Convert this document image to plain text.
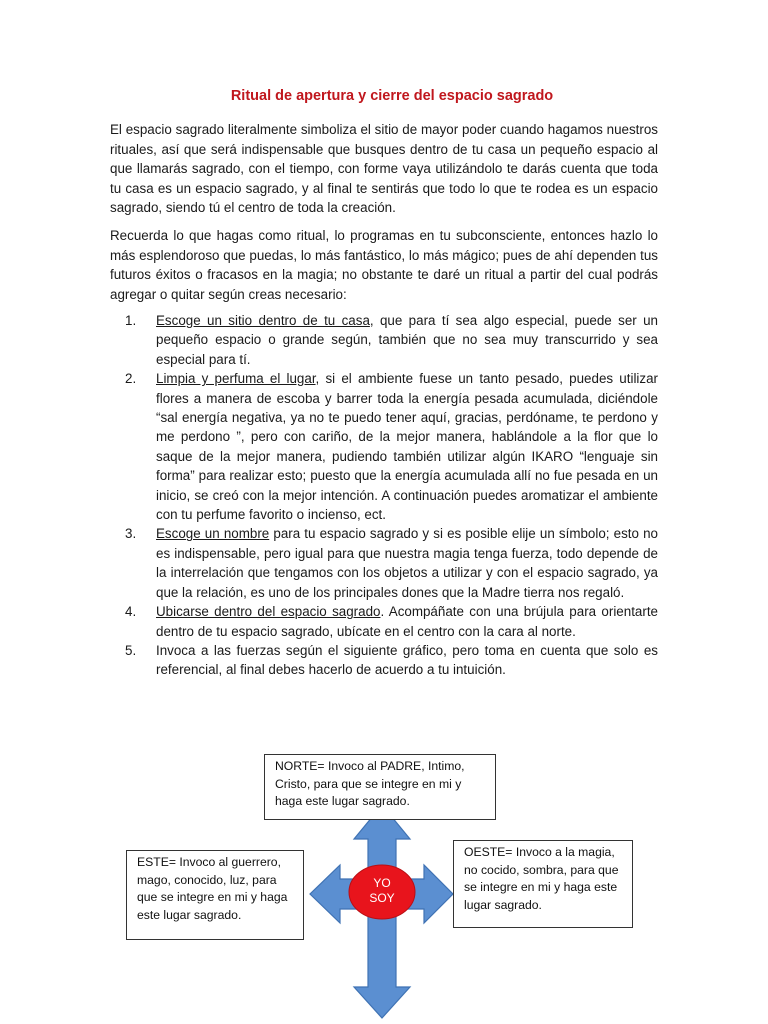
Ritual de apertura y cierre del espacio sagrado

El espacio sagrado literalmente simboliza el sitio de mayor poder cuando hagamos nuestros rituales, así que será indispensable que busques dentro de tu casa un pequeño espacio al que llamarás sagrado, con el tiempo, con forme vaya utilizándolo te darás cuenta que toda tu casa es un espacio sagrado, y al final te sentirás que todo lo que te rodea es un espacio sagrado, siendo tú el centro de toda la creación.

Recuerda lo que hagas como ritual, lo programas en tu subconsciente, entonces hazlo lo más esplendoroso que puedas, lo más fantástico, lo más mágico; pues de ahí dependen tus futuros éxitos o fracasos en la magia; no obstante te daré un ritual a partir del cual podrás agregar o quitar según creas necesario:

1. Escoge un sitio dentro de tu casa, que para tí sea algo especial, puede ser un pequeño espacio o grande según, también que no sea muy transcurrido y sea especial para tí.
2. Limpia y perfuma el lugar, si el ambiente fuese un tanto pesado, puedes utilizar flores a manera de escoba y barrer toda la energía pesada acumulada, diciéndole “sal energía negativa, ya no te puedo tener aquí, gracias, perdóname, te perdono y me perdono ”, pero con cariño, de la mejor manera, hablándole a la flor que lo saque de la mejor manera, pudiendo también utilizar algún IKARO “lenguaje sin forma” para realizar esto; puesto que la energía acumulada allí no fue pesada en un inicio, se creó con la mejor intención. A continuación puedes aromatizar el ambiente con tu perfume favorito o incienso, ect.
3. Escoge un nombre para tu espacio sagrado y si es posible elije un símbolo; esto no es indispensable, pero igual para que nuestra magia tenga fuerza, todo depende de la interrelación que tengamos con los objetos a utilizar y con el espacio sagrado, ya que la relación, es uno de los principales dones que la Madre tierra nos regaló.
4. Ubicarse dentro del espacio sagrado. Acompáñate con una brújula para orientarte dentro de tu espacio sagrado, ubícate en el centro con la cara al norte.
5. Invoca a las fuerzas según el siguiente gráfico, pero toma en cuenta que solo es referencial, al final debes hacerlo de acuerdo a tu intuición.
YO
SOY
NORTE= Invoco al PADRE, Intimo, Cristo, para que se integre en mi y haga este lugar sagrado.
ESTE= Invoco al guerrero, mago, conocido, luz, para que se integre en mi y haga este lugar sagrado.
OESTE= Invoco a la magia, no cocido, sombra, para que se integre en mi y haga este lugar sagrado.
